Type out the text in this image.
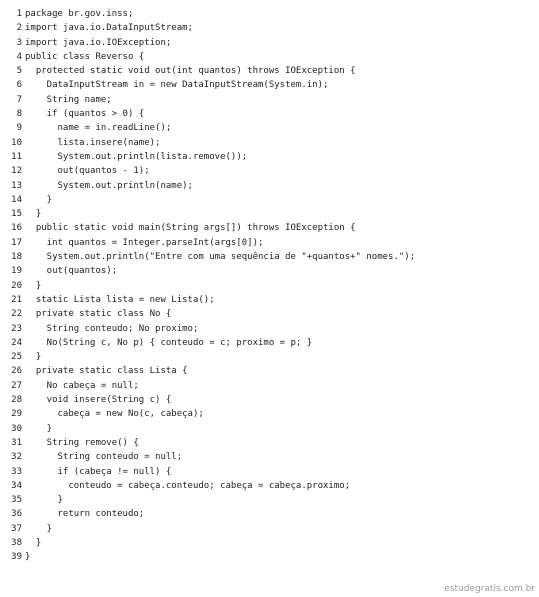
1 package br.gov.inss;
2 import java.io.DataInputStream;
3 import java.io.IOException;
4 public class Reverso {
5  protected static void out(int quantos) throws IOException {
6    DataInputStream in = new DataInputStream(System.in);
7    String name;
8    if (quantos > 0) {
9      name = in.readLine();
10      lista.insere(name);
11      System.out.println(lista.remove());
12      out(quantos - 1);
13      System.out.println(name);
14    }
15  }
16  public static void main(String args[]) throws IOException {
17    int quantos = Integer.parseInt(args[0]);
18    System.out.println("Entre com uma sequência de "+quantos+" nomes.");
19    out(quantos);
20  }
21  static Lista lista = new Lista();
22  private static class No {
23    String conteudo; No proximo;
24    No(String c, No p) { conteudo = c; proximo = p; }
25  }
26  private static class Lista {
27    No cabeça = null;
28    void insere(String c) {
29      cabeça = new No(c, cabeça);
30    }
31    String remove() {
32      String conteudo = null;
33      if (cabeça != null) {
34        conteudo = cabeça.conteudo; cabeça = cabeça.proximo;
35      }
36      return conteudo;
37    }
38  }
39 }
estudegratis.com.br
